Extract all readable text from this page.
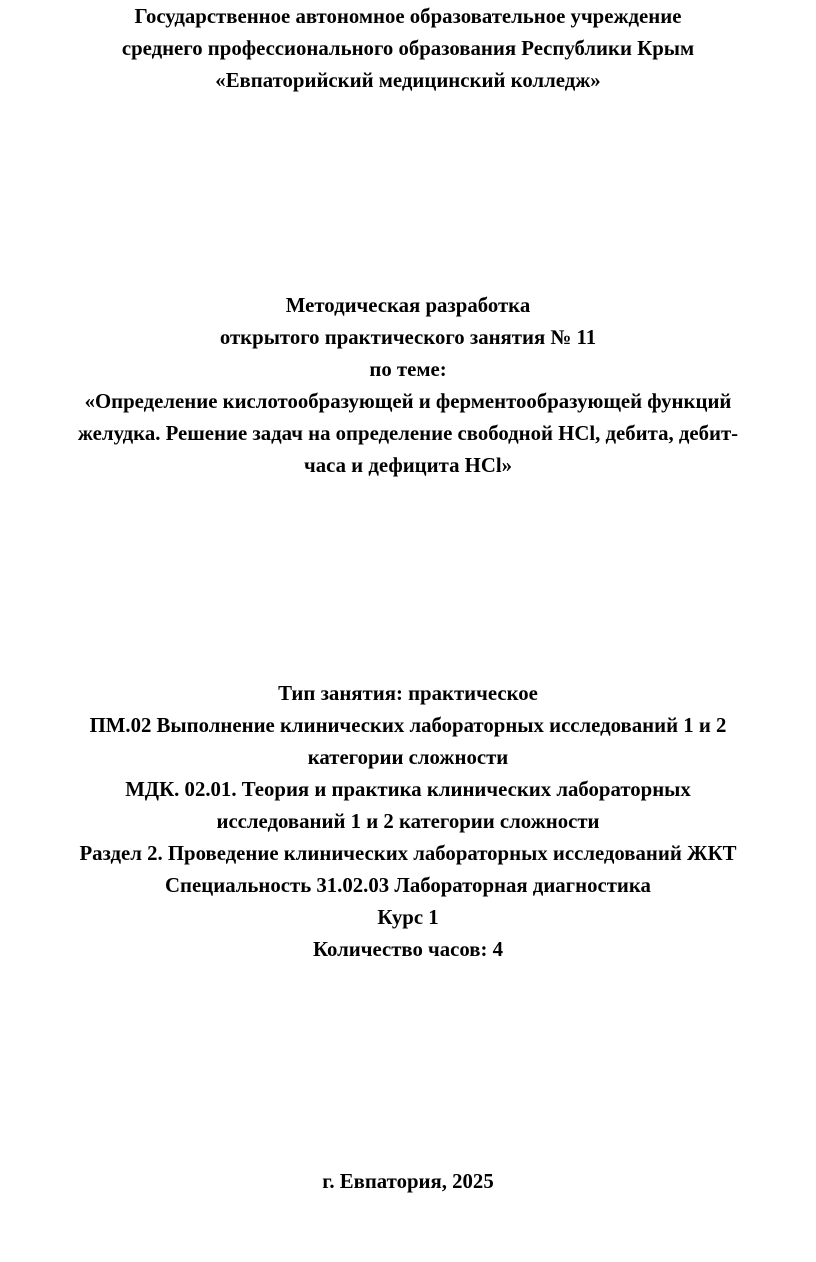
Государственное автономное образовательное учреждение
среднего профессионального образования Республики Крым
«Евпаторийский медицинский колледж»
Методическая разработка
открытого практического занятия № 11
по теме:
«Определение кислотообразующей и ферментообразующей функций
желудка. Решение задач на определение свободной НСl, дебита, дебит-
часа и дефицита НСl»
Тип занятия: практическое
ПМ.02 Выполнение клинических лабораторных исследований 1 и 2
категории сложности
МДК. 02.01. Теория и практика клинических лабораторных
исследований 1 и 2 категории сложности
Раздел 2. Проведение клинических лабораторных исследований ЖКТ
Специальность 31.02.03 Лабораторная диагностика
Курс 1
Количество часов: 4
г. Евпатория, 2025
